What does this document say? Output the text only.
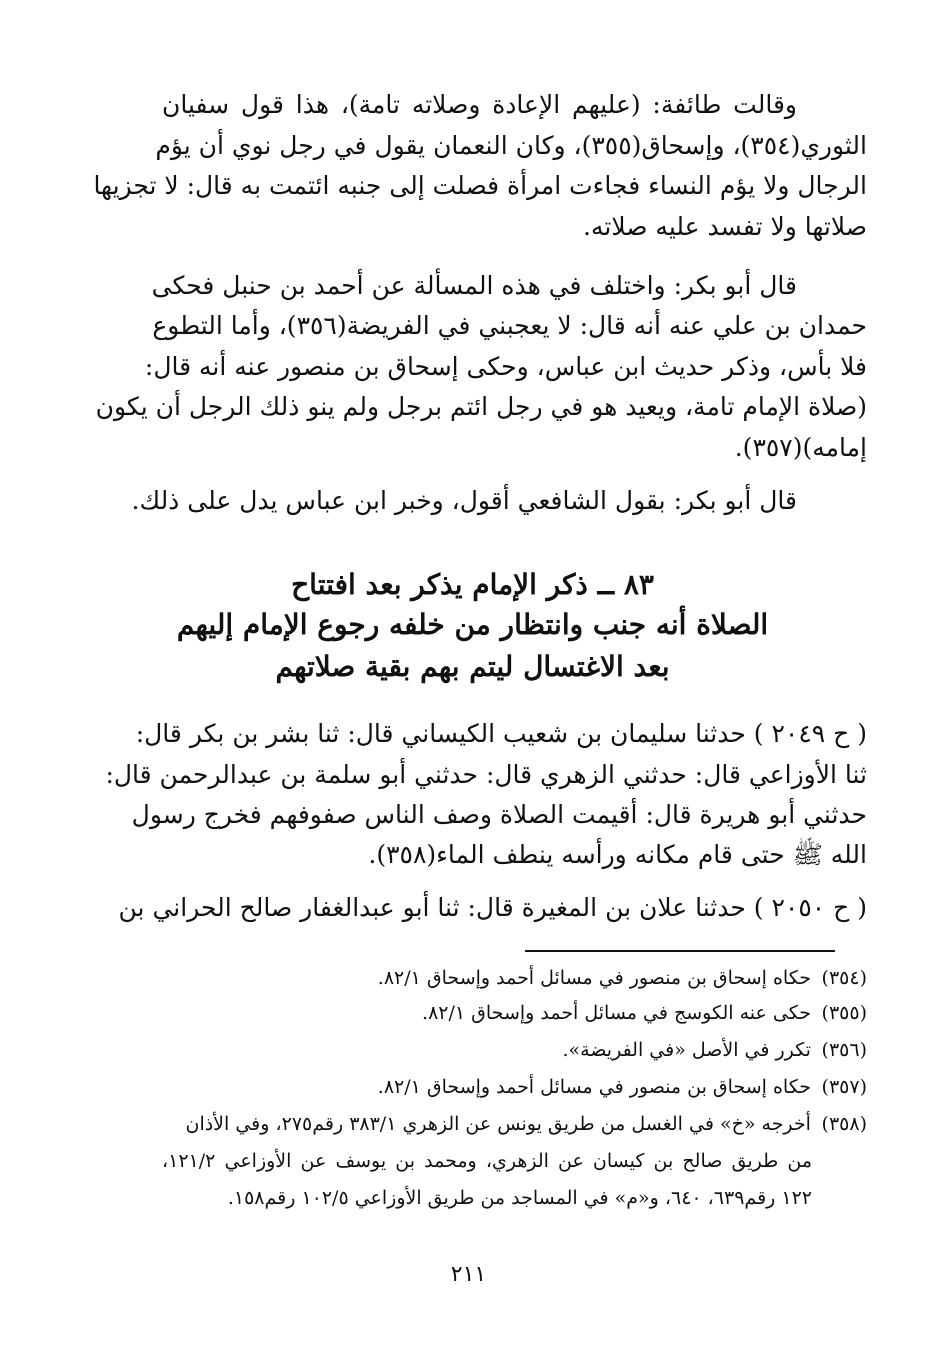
وقالت طائفة: (عليهم الإعادة وصلاته تامة)، هذا قول سفيان
الثوري(٣٥٤)، وإسحاق(٣٥٥)، وكان النعمان يقول في رجل نوي أن يؤم
الرجال ولا يؤم النساء فجاءت امرأة فصلت إلى جنبه ائتمت به قال: لا تجزيها
صلاتها ولا تفسد عليه صلاته.
قال أبو بكر: واختلف في هذه المسألة عن أحمد بن حنبل فحكى
حمدان بن علي عنه أنه قال: لا يعجبني في الفريضة(٣٥٦)، وأما التطوع
فلا بأس، وذكر حديث ابن عباس، وحكى إسحاق بن منصور عنه أنه قال:
(صلاة الإمام تامة، ويعيد هو في رجل ائتم برجل ولم ينو ذلك الرجل أن يكون
إمامه)(٣٥٧).
قال أبو بكر: بقول الشافعي أقول، وخبر ابن عباس يدل على ذلك.
٨٣ ــ ذكر الإمام يذكر بعد افتتاح
الصلاة أنه جنب وانتظار من خلفه رجوع الإمام إليهم
بعد الاغتسال ليتم بهم بقية صلاتهم
( ح ٢٠٤٩ ) حدثنا سليمان بن شعيب الكيساني قال: ثنا بشر بن بكر قال:
ثنا الأوزاعي قال: حدثني الزهري قال: حدثني أبو سلمة بن عبدالرحمن قال:
حدثني أبو هريرة قال: أقيمت الصلاة وصف الناس صفوفهم فخرج رسول
الله ﷺ حتى قام مكانه ورأسه ينطف الماء(٣٥٨).
( ح ٢٠٥٠ ) حدثنا علان بن المغيرة قال: ثنا أبو عبدالغفار صالح الحراني بن
(٣٥٤) حكاه إسحاق بن منصور في مسائل أحمد وإسحاق ٨٢/١.
(٣٥٥) حكى عنه الكوسج في مسائل أحمد وإسحاق ٨٢/١.
(٣٥٦) تكرر في الأصل «في الفريضة».
(٣٥٧) حكاه إسحاق بن منصور في مسائل أحمد وإسحاق ٨٢/١.
(٣٥٨) أخرجه «خ» في الغسل من طريق يونس عن الزهري ٣٨٣/١ رقم٢٧٥، وفي الأذان
من طريق صالح بن كيسان عن الزهري، ومحمد بن يوسف عن الأوزاعي ١٢١/٢،
١٢٢ رقم٦٣٩، ٦٤٠، و«م» في المساجد من طريق الأوزاعي ١٠٢/٥ رقم١٥٨.
٢١١
